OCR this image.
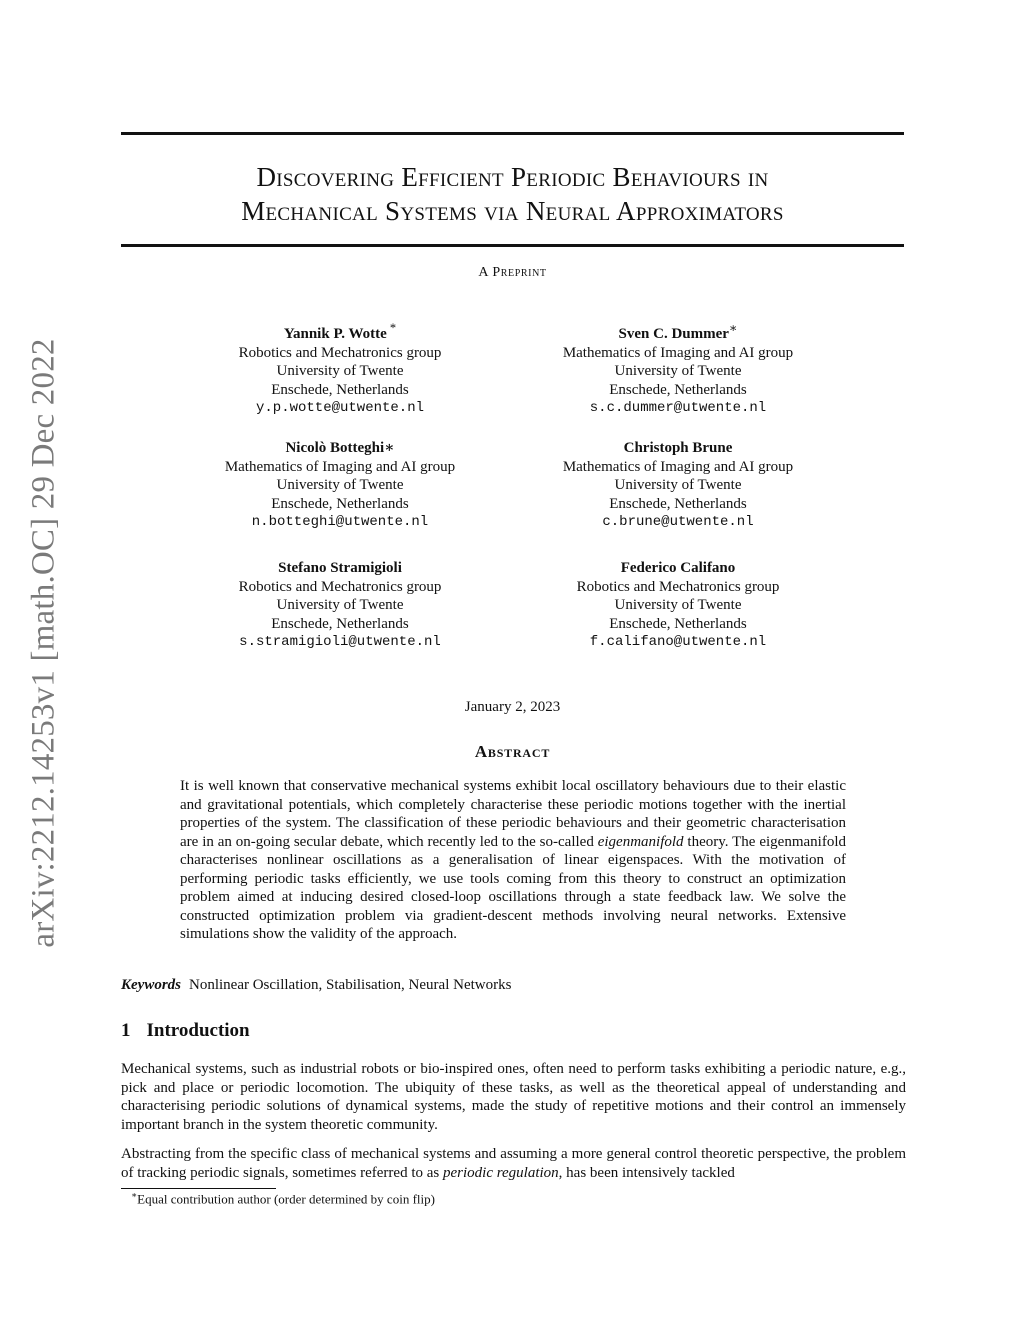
arXiv:2212.14253v1 [math.OC] 29 Dec 2022
Discovering Efficient Periodic Behaviours in
Mechanical Systems via Neural Approximators
A Preprint
Yannik P. Wotte *
Robotics and Mechatronics group
University of Twente
Enschede, Netherlands
y.p.wotte@utwente.nl
Sven C. Dummer∗
Mathematics of Imaging and AI group
University of Twente
Enschede, Netherlands
s.c.dummer@utwente.nl
Nicolò Botteghi∗
Mathematics of Imaging and AI group
University of Twente
Enschede, Netherlands
n.botteghi@utwente.nl
Christoph Brune
Mathematics of Imaging and AI group
University of Twente
Enschede, Netherlands
c.brune@utwente.nl
Stefano Stramigioli
Robotics and Mechatronics group
University of Twente
Enschede, Netherlands
s.stramigioli@utwente.nl
Federico Califano
Robotics and Mechatronics group
University of Twente
Enschede, Netherlands
f.califano@utwente.nl
January 2, 2023
Abstract
It is well known that conservative mechanical systems exhibit local oscillatory behaviours due to their elastic and gravitational potentials, which completely characterise these periodic motions together with the inertial properties of the system. The classification of these periodic behaviours and their geometric characterisation are in an on-going secular debate, which recently led to the so-called eigenmanifold theory. The eigenmanifold characterises nonlinear oscillations as a generalisation of linear eigenspaces. With the motivation of performing periodic tasks efficiently, we use tools coming from this theory to construct an optimization problem aimed at inducing desired closed-loop oscillations through a state feedback law. We solve the constructed optimization problem via gradient-descent methods involving neural networks. Extensive simulations show the validity of the approach.
Keywords Nonlinear Oscillation, Stabilisation, Neural Networks
1 Introduction
Mechanical systems, such as industrial robots or bio-inspired ones, often need to perform tasks exhibiting a periodic nature, e.g., pick and place or periodic locomotion. The ubiquity of these tasks, as well as the theoretical appeal of understanding and characterising periodic solutions of dynamical systems, made the study of repetitive motions and their control an immensely important branch in the system theoretic community.
Abstracting from the specific class of mechanical systems and assuming a more general control theoretic perspective, the problem of tracking periodic signals, sometimes referred to as periodic regulation, has been intensively tackled
∗Equal contribution author (order determined by coin flip)
